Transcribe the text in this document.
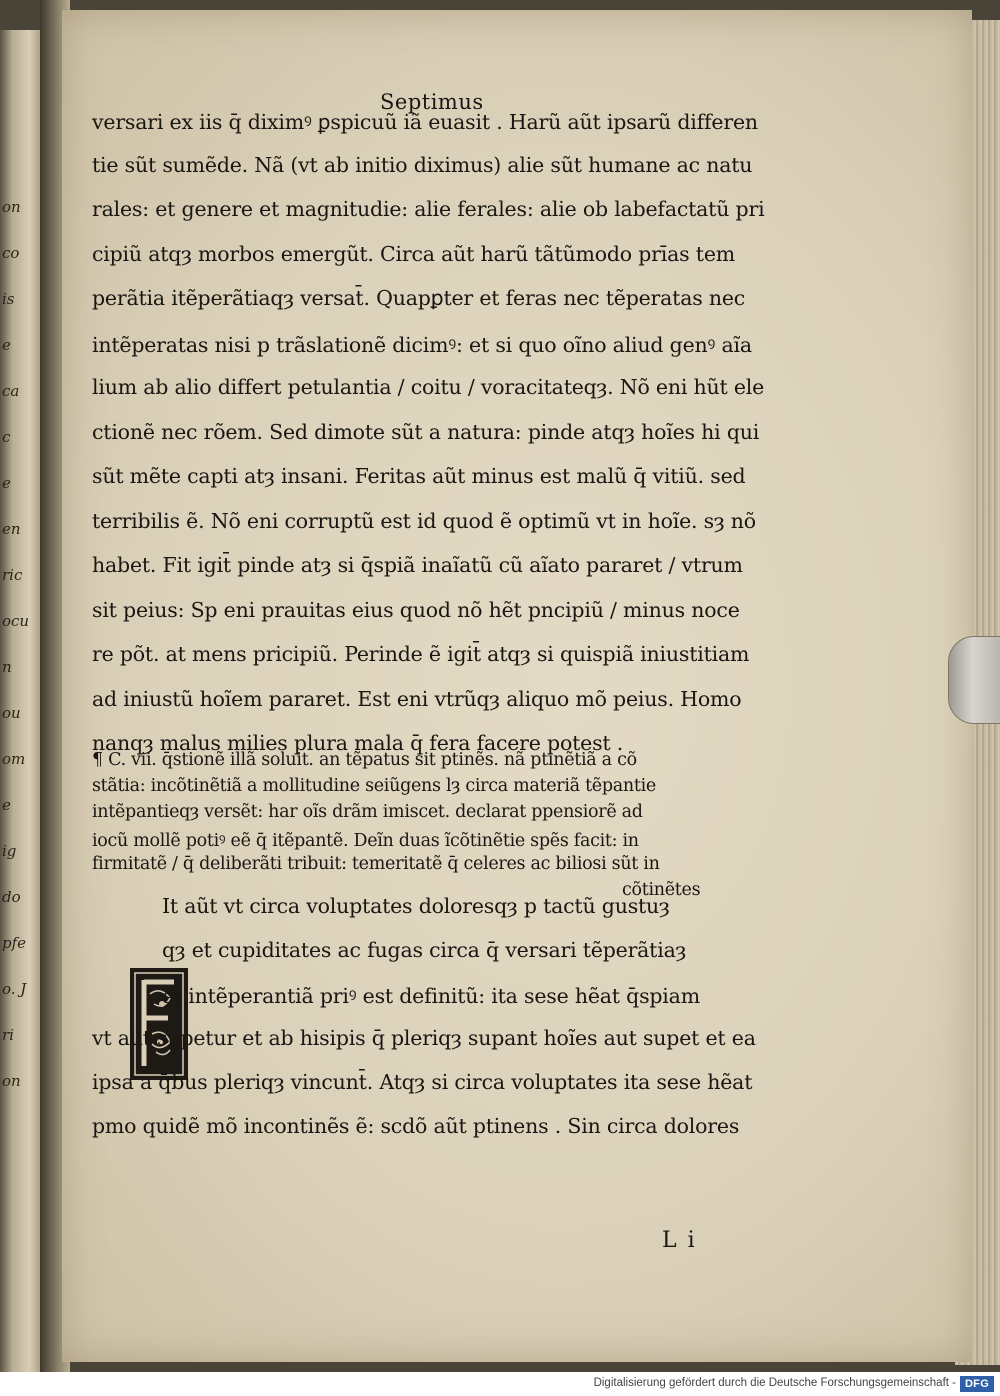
on
co
is
e
ca
c
e
en
ric
ocu
n
ou
om
e
ig
do
pfe
o. J
ri
on
Septimus
L i
versari ex iis q̄ diximꝰ ꝑspicuũ iã euasit . Harũ aũt ipsarũ differen
tie sũt sumẽde. Nã (vt ab initio diximus) alie sũt humane ac natu
rales: et genere et magnitudie: alie ferales: alie ob labefactatũ pri
cipiũ atqȝ morbos emergũt. Circa aũt harũ tãtũmodo prīas tem
perãtia itẽperãtiaqȝ versat̄. Quapꝑter et feras nec tẽperatas nec
intẽperatas nisi p trãslationẽ dicimꝰ: et si quo oĩno aliud genꝰ aĩa
lium ab alio differt petulantia / coitu / voracitateqȝ. Nõ eni hũt ele
ctionẽ nec rõem. Sed dimote sũt a natura: pinde atqȝ hoĩes hi qui
sũt mẽte capti atȝ insani. Feritas aũt minus est malũ q̄ vitiũ. sed
terribilis ẽ. Nõ eni corruptũ est id quod ẽ optimũ vt in hoĩe. sȝ nõ
habet. Fit igit̄ pinde atȝ si q̄spiã inaĩatũ cũ aĩato pararet / vtrum
sit peius: Sp eni prauitas eius quod nõ hẽt pncipiũ / minus noce
re põt. at mens pricipiũ. Perinde ẽ igit̄ atqȝ si quispiã iniustitiam
ad iniustũ hoĩem pararet. Est eni vtrũqȝ aliquo mõ peius. Homo
nanqȝ malus milies plura mala q̄ fera facere potest .
¶ C. vii. q̄stionẽ illã soluit. an tẽpatus sit ptinẽs. nã ptinẽtiã a cõ
stãtia: incõtinẽtiã a mollitudine seiũgens lȝ circa materiã tẽpantie
intẽpantieqȝ versẽt: har oĩs drãm imiscet. declarat ppensiorẽ ad
iocũ mollẽ potiꝰ eẽ q̄ itẽpantẽ. Deĩn duas ĩcõtinẽtie spẽs facit: in
firmitatẽ / q̄ deliberãti tribuit: temeritatẽ q̄ celeres ac biliosi sũt in
cõtinẽtes
It aũt vt circa voluptates doloresqȝ p tactũ gustuȝ
qȝ et cupiditates ac fugas circa q̄ versari tẽperãtiaȝ
et intẽperantiã priꝰ est definitũ: ita sese hẽat q̄spiam
vt aut supetur et ab hisipis q̄ pleriqȝ supant hoĩes aut supet et ea
ipsa a q̄bus pleriqȝ vincunt̄. Atqȝ si circa voluptates ita sese hẽat
pmo quidẽ mõ incontinẽs ẽ: scdõ aũt ptinens . Sin circa dolores
Digitalisierung gefördert durch die Deutsche Forschungsgemeinschaft - DFG
